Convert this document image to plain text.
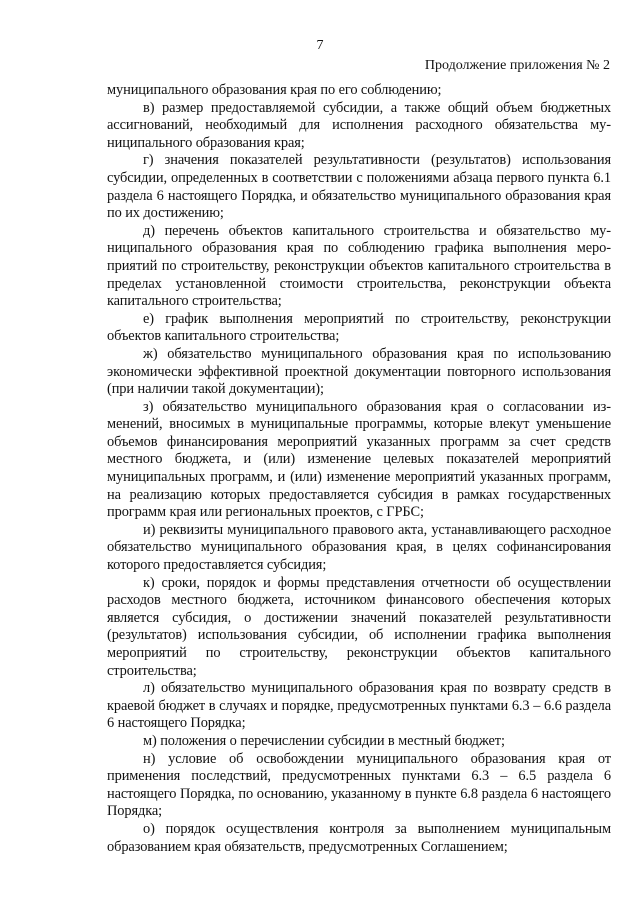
7
Продолжение приложения № 2

муниципального образования края по его соблюдению;

в) размер предоставляемой субсидии, а также общий объем бюджетных ассигнований, необходимый для исполнения расходного обязательства муниципального образования края;

г) значения показателей результативности (результатов) использования субсидии, определенных в соответствии с положениями абзаца первого пункта 6.1 раздела 6 настоящего Порядка, и обязательство муниципального образования края по их достижению;

д) перечень объектов капитального строительства и обязательство муниципального образования края по соблюдению графика выполнения мероприятий по строительству, реконструкции объектов капитального строительства в пределах установленной стоимости строительства, реконструкции объекта капитального строительства;

е) график выполнения мероприятий по строительству, реконструкции объектов капитального строительства;

ж) обязательство муниципального образования края по использованию экономически эффективной проектной документации повторного использования (при наличии такой документации);

з) обязательство муниципального образования края о согласовании изменений, вносимых в муниципальные программы, которые влекут уменьшение объемов финансирования мероприятий указанных программ за счет средств местного бюджета, и (или) изменение целевых показателей мероприятий муниципальных программ, и (или) изменение мероприятий указанных программ, на реализацию которых предоставляется субсидия в рамках государственных программ края или региональных проектов, с ГРБС;

и) реквизиты муниципального правового акта, устанавливающего расходное обязательство муниципального образования края, в целях софинансирования которого предоставляется субсидия;

к) сроки, порядок и формы представления отчетности об осуществлении расходов местного бюджета, источником финансового обеспечения которых является субсидия, о достижении значений показателей результативности (результатов) использования субсидии, об исполнении графика выполнения мероприятий по строительству, реконструкции объектов капитального строительства;

л) обязательство муниципального образования края по возврату средств в краевой бюджет в случаях и порядке, предусмотренных пунктами 6.3 – 6.6 раздела 6 настоящего Порядка;

м) положения о перечислении субсидии в местный бюджет;

н) условие об освобождении муниципального образования края от применения последствий, предусмотренных пунктами 6.3 – 6.5 раздела 6 настоящего Порядка, по основанию, указанному в пункте 6.8 раздела 6 настоящего Порядка;

о) порядок осуществления контроля за выполнением муниципальным образованием края обязательств, предусмотренных Соглашением;
